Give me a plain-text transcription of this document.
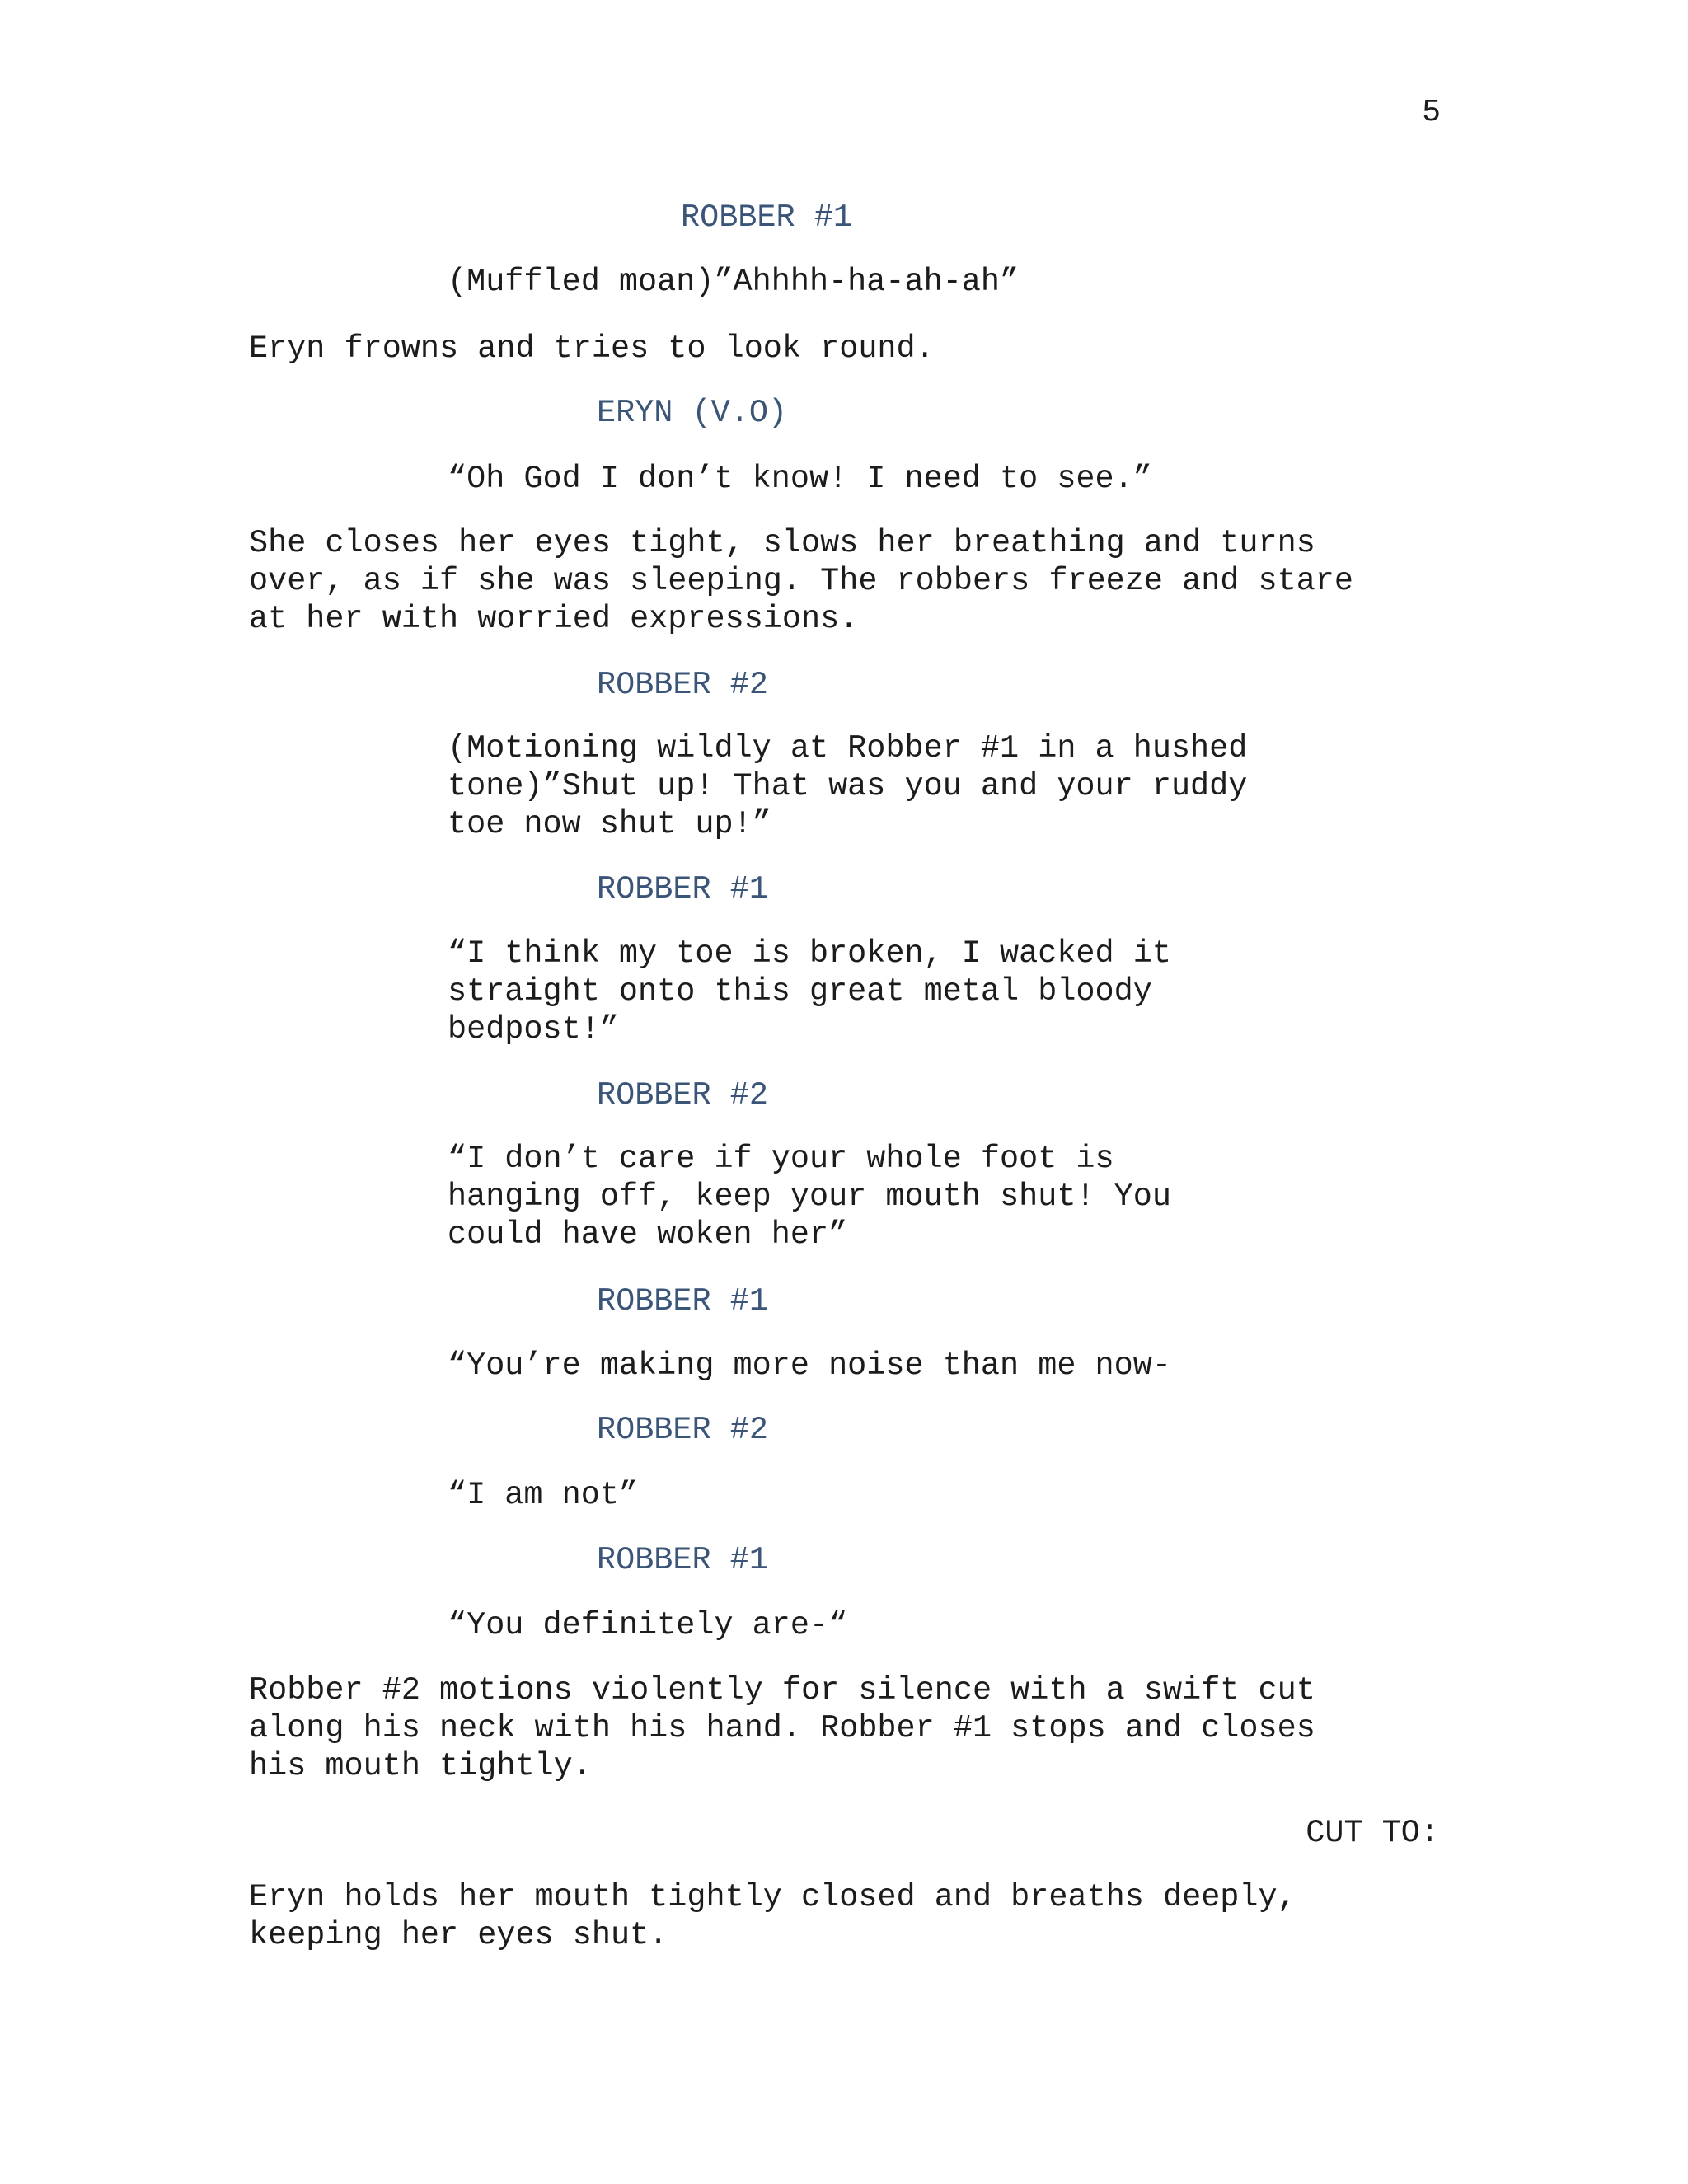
5

ROBBER #1

(Muffled moan)”Ahhhh-ha-ah-ah”

Eryn frowns and tries to look round.

ERYN (V.O)

“Oh God I don’t know! I need to see.”

She closes her eyes tight, slows her breathing and turns
over, as if she was sleeping. The robbers freeze and stare
at her with worried expressions.

ROBBER #2

(Motioning wildly at Robber #1 in a hushed
tone)”Shut up! That was you and your ruddy
toe now shut up!”

ROBBER #1

“I think my toe is broken, I wacked it
straight onto this great metal bloody
bedpost!”

ROBBER #2

“I don’t care if your whole foot is
hanging off, keep your mouth shut! You
could have woken her”

ROBBER #1

“You’re making more noise than me now-

ROBBER #2

“I am not”

ROBBER #1

“You definitely are-“

Robber #2 motions violently for silence with a swift cut
along his neck with his hand. Robber #1 stops and closes
his mouth tightly.

CUT TO:

Eryn holds her mouth tightly closed and breaths deeply,
keeping her eyes shut.
